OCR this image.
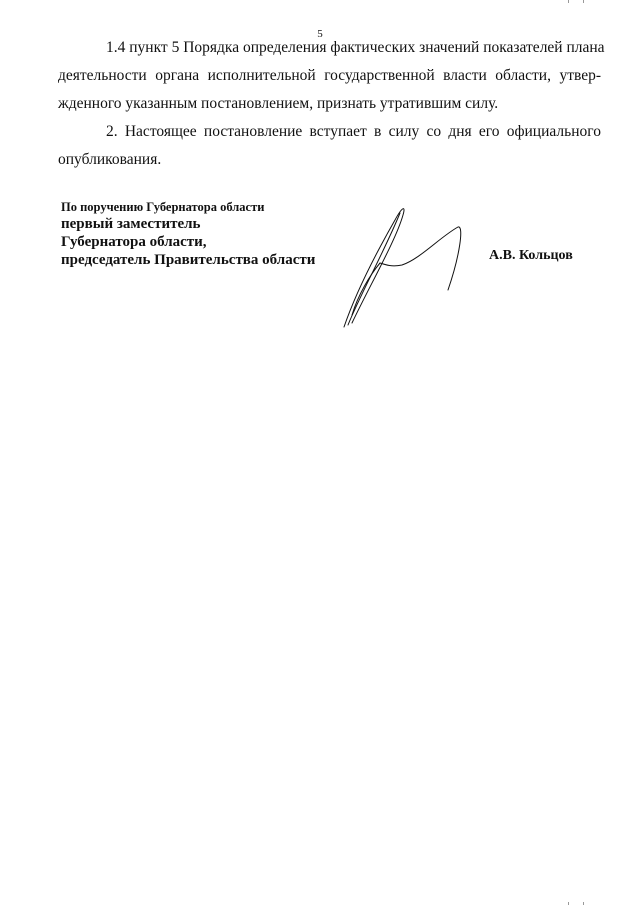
5
1.4 пункт 5 Порядка определения фактических значений показателей плана
деятельности органа исполнительной государственной власти области, утвер-
жденного указанным постановлением, признать утратившим силу.
2. Настоящее постановление вступает в силу со дня его официального
опубликования.
По поручению Губернатора области
первый заместитель
Губернатора области,
председатель Правительства области	А.В. Кольцов
